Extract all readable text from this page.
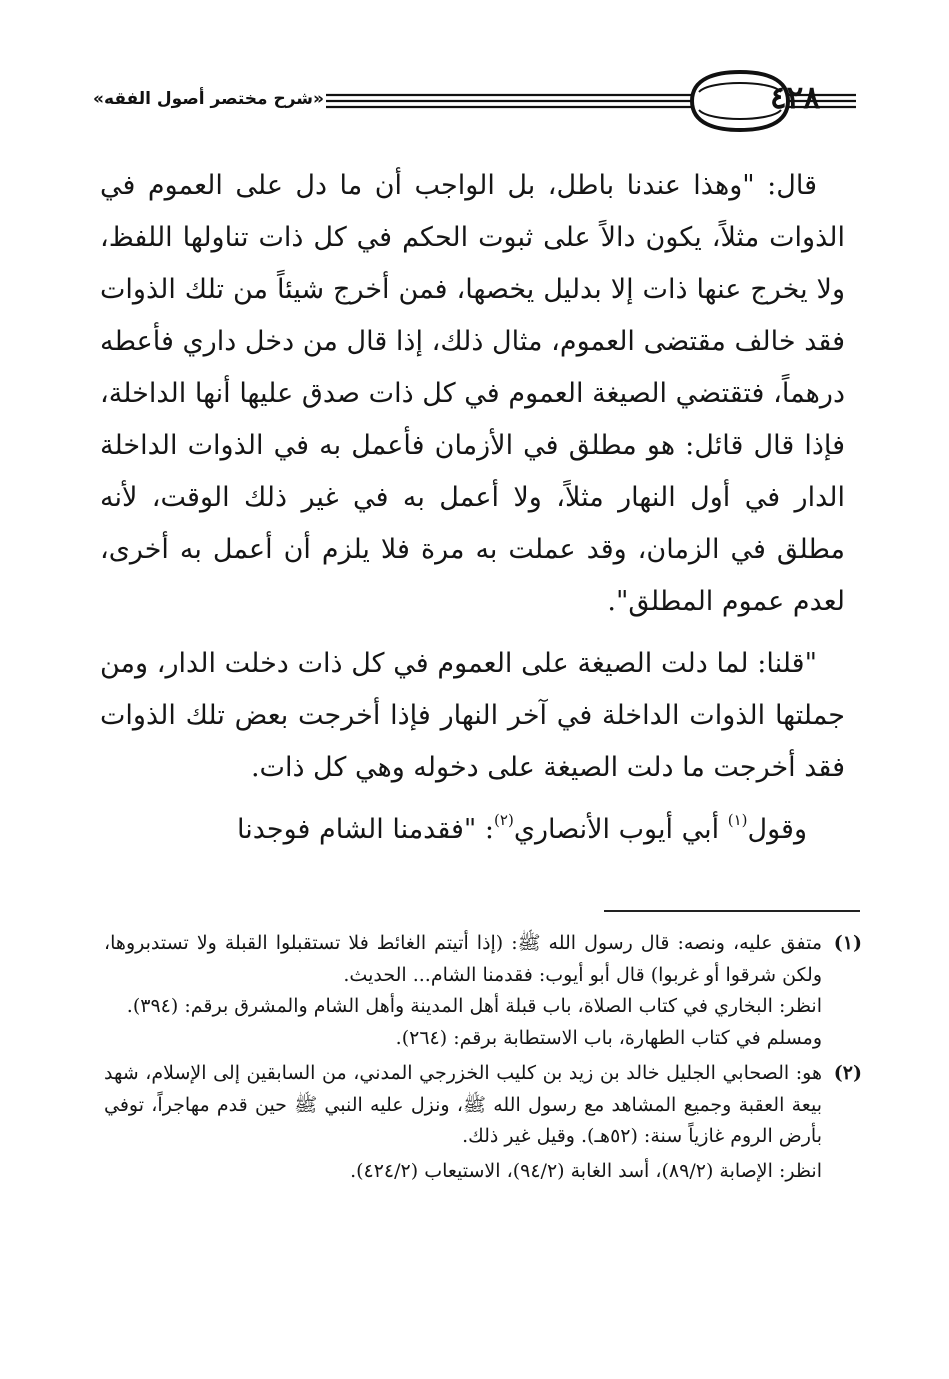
٤٢٨
«شرح مختصر أصول الفقه»

قال: "وهذا عندنا باطل، بل الواجب أن ما دل على العموم في الذوات مثلاً، يكون دالاً على ثبوت الحكم في كل ذات تناولها اللفظ، ولا يخرج عنها ذات إلا بدليل يخصها، فمن أخرج شيئاً من تلك الذوات فقد خالف مقتضى العموم، مثال ذلك، إذا قال من دخل داري فأعطه درهماً، فتقتضي الصيغة العموم في كل ذات صدق عليها أنها الداخلة، فإذا قال قائل: هو مطلق في الأزمان فأعمل به في الذوات الداخلة الدار في أول النهار مثلاً، ولا أعمل به في غير ذلك الوقت، لأنه مطلق في الزمان، وقد عملت به مرة فلا يلزم أن أعمل به أخرى، لعدم عموم المطلق".

"قلنا: لما دلت الصيغة على العموم في كل ذات دخلت الدار، ومن جملتها الذوات الداخلة في آخر النهار فإذا أخرجت بعض تلك الذوات فقد أخرجت ما دلت الصيغة على دخوله وهي كل ذات.

وقول$^{(١)}$ أبي أيوب الأنصاري$^{(٢)}$: "فقدمنا الشام فوجدنا

(١)
متفق عليه، ونصه: قال رسول الله ﷺ: (إذا أتيتم الغائط فلا تستقبلوا القبلة ولا تستدبروها، ولكن شرقوا أو غربوا) قال أبو أيوب: فقدمنا الشام... الحديث.
انظر: البخاري في كتاب الصلاة، باب قبلة أهل المدينة وأهل الشام والمشرق برقم: (٣٩٤).
ومسلم في كتاب الطهارة، باب الاستطابة برقم: (٢٦٤).
(٢)
هو: الصحابي الجليل خالد بن زيد بن كليب الخزرجي المدني، من السابقين إلى الإسلام، شهد بيعة العقبة وجميع المشاهد مع رسول الله ﷺ، ونزل عليه النبي ﷺ حين قدم مهاجراً، توفي بأرض الروم غازياً سنة: (٥٢هـ). وقيل غير ذلك.
انظر: الإصابة (٨٩/٢)، أسد الغابة (٩٤/٢)، الاستيعاب (٤٢٤/٢).
